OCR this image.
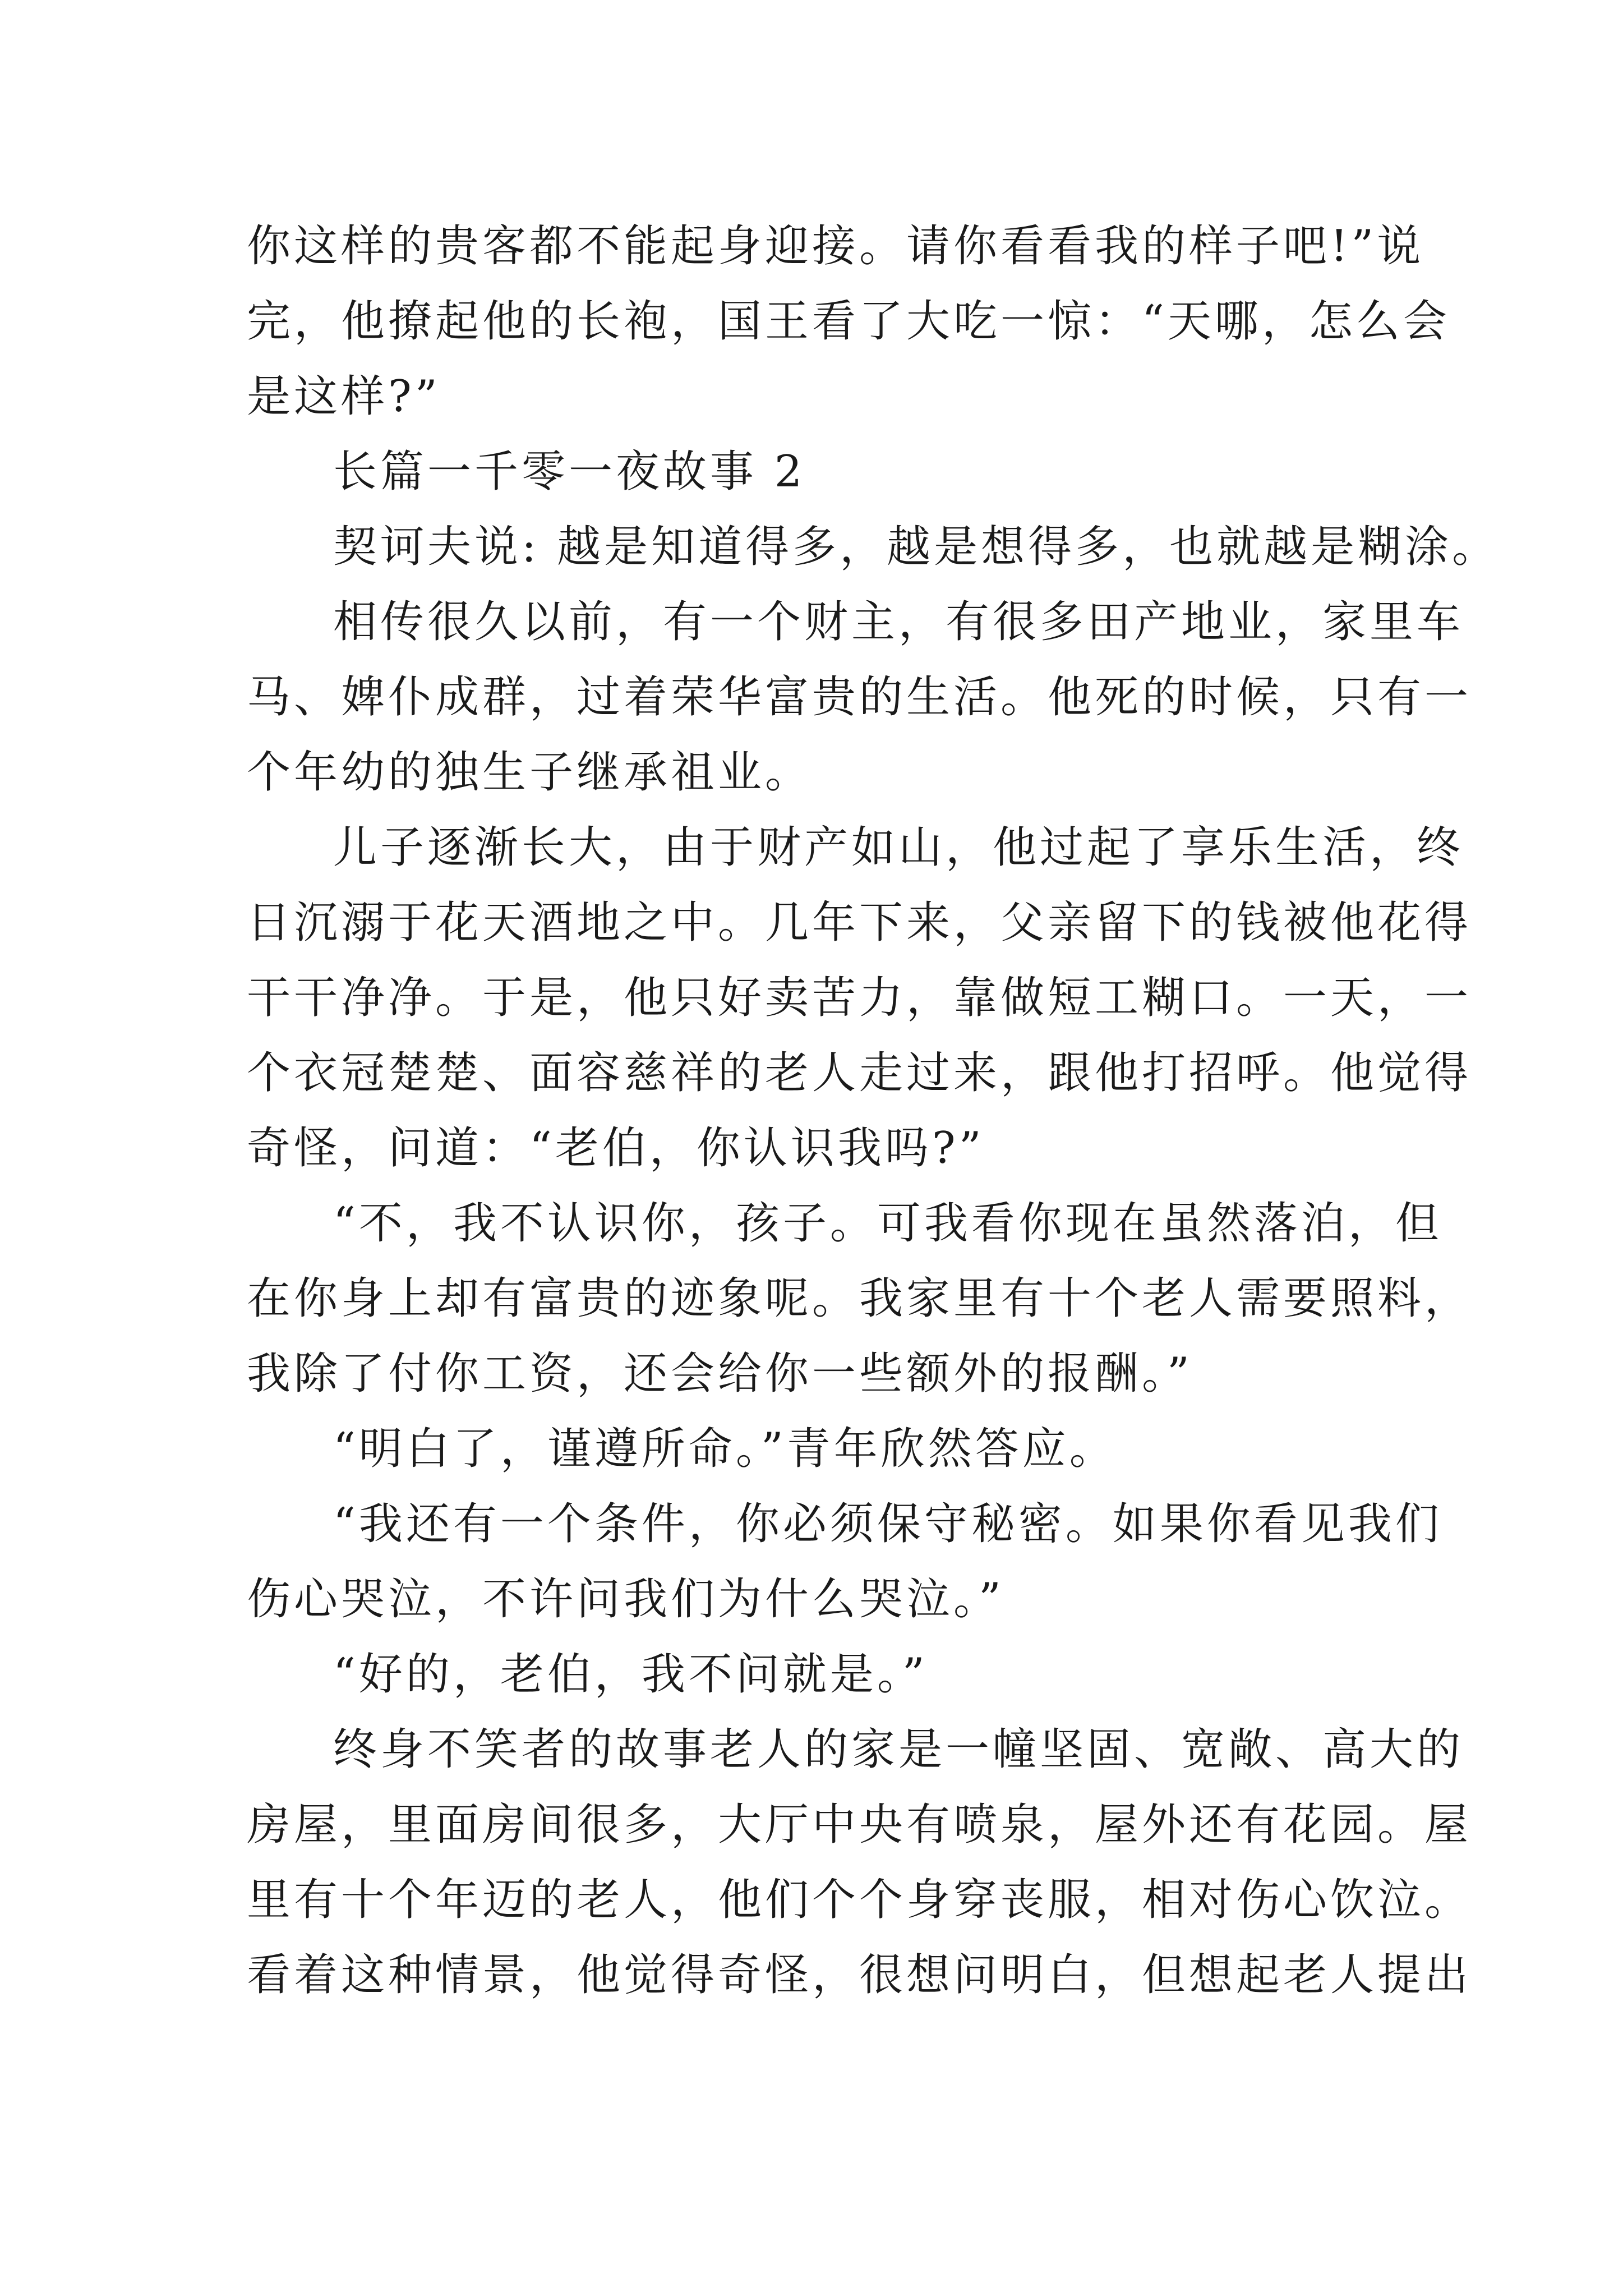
你这样的贵客都不能起身迎接。请你看看我的样子吧!”说

完，他撩起他的长袍，国王看了大吃一惊：“天哪，怎么会

是这样?”

长篇一千零一夜故事 2

契诃夫说: 越是知道得多，越是想得多，也就越是糊涂。

相传很久以前，有一个财主，有很多田产地业，家里车

马、婢仆成群，过着荣华富贵的生活。他死的时候，只有一

个年幼的独生子继承祖业。

儿子逐渐长大，由于财产如山，他过起了享乐生活，终

日沉溺于花天酒地之中。几年下来，父亲留下的钱被他花得

干干净净。于是，他只好卖苦力，靠做短工糊口。一天，一

个衣冠楚楚、面容慈祥的老人走过来，跟他打招呼。他觉得

奇怪，问道：“老伯，你认识我吗?”

“不，我不认识你，孩子。可我看你现在虽然落泊，但

在你身上却有富贵的迹象呢。我家里有十个老人需要照料，

我除了付你工资，还会给你一些额外的报酬。”

“明白了，谨遵所命。”青年欣然答应。

“我还有一个条件，你必须保守秘密。如果你看见我们

伤心哭泣，不许问我们为什么哭泣。”

“好的，老伯，我不问就是。”

终身不笑者的故事老人的家是一幢坚固、宽敞、高大的

房屋，里面房间很多，大厅中央有喷泉，屋外还有花园。屋

里有十个年迈的老人，他们个个身穿丧服，相对伤心饮泣。

看着这种情景，他觉得奇怪，很想问明白，但想起老人提出
